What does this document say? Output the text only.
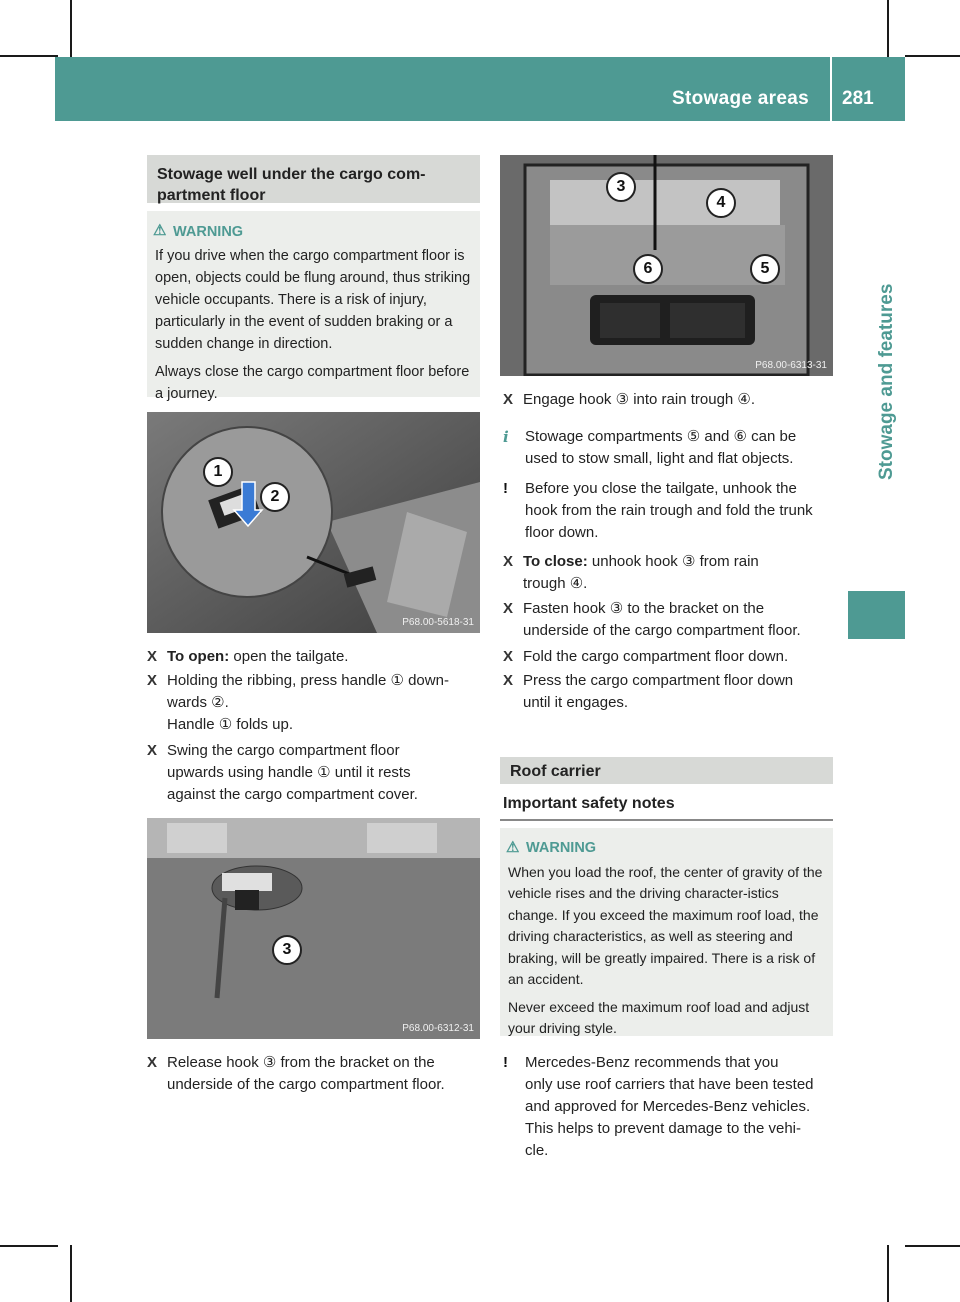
Stowage areas 281
Stowage and features
Stowage well under the cargo com-
partment floor
⚠ WARNING

If you drive when the cargo compartment floor is open, objects could be flung around, thus striking vehicle occupants. There is a risk of injury, particularly in the event of sudden braking or a sudden change in direction.

Always close the cargo compartment floor before a journey.

1
2
P68.00-5618-31
X To open: open the tailgate.
X Holding the ribbing, press handle ① down-
wards ②.
Handle ① folds up.
X Swing the cargo compartment floor
upwards using handle ① until it rests
against the cargo compartment cover.
3
P68.00-6312-31
X Release hook ③ from the bracket on the
underside of the cargo compartment floor.
3
4
6	5
P68.00-6313-31
X Engage hook ③ into rain trough ④.
i Stowage compartments ⑤ and ⑥ can be
used to stow small, light and flat objects.
! Before you close the tailgate, unhook the
hook from the rain trough and fold the trunk
floor down.
X To close: unhook hook ③ from rain
trough ④.
X Fasten hook ③ to the bracket on the
underside of the cargo compartment floor.
X Fold the cargo compartment floor down.
X Press the cargo compartment floor down
until it engages.
Roof carrier
Important safety notes
⚠ WARNING

When you load the roof, the center of gravity of the vehicle rises and the driving character-istics change. If you exceed the maximum roof load, the driving characteristics, as well as steering and braking, will be greatly impaired. There is a risk of an accident.

Never exceed the maximum roof load and adjust your driving style.

! Mercedes-Benz recommends that you
only use roof carriers that have been tested
and approved for Mercedes-Benz vehicles.
This helps to prevent damage to the vehi-
cle.
